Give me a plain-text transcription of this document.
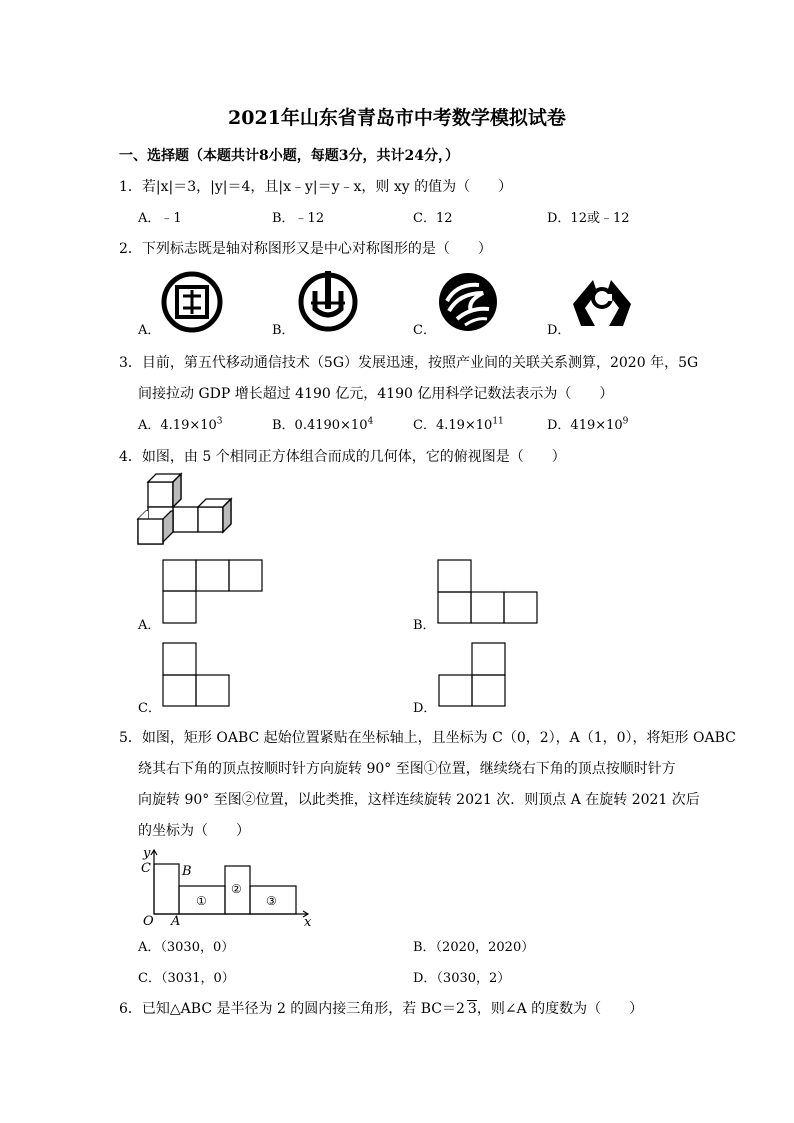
2021年山东省青岛市中考数学模拟试卷
一、选择题（本题共计8小题，每题3分，共计24分，）
1．若|x|＝3，|y|＝4，且|x﹣y|＝y﹣x，则 xy 的值为（　　）
A．﹣1	B．﹣12	C．12	D．12或﹣12
2．下列标志既是轴对称图形又是中心对称图形的是（　　）
A．	B．	C．	D．
3．目前，第五代移动通信技术（5G）发展迅速，按照产业间的关联关系测算，2020 年，5G
间接拉动 GDP 增长超过 4190 亿元，4190 亿用科学记数法表示为（　　）
A．$4.19\times 10^3$	B．$0.4190\times 10^4$	C．$4.19\times 10^{11}$	D．$419\times 10^9$
4．如图，由 5 个相同正方体组合而成的几何体，它的俯视图是（　　）
A．	B．
C．	D．
5．如图，矩形 OABC 起始位置紧贴在坐标轴上，且坐标为 C（0，2），A（1，0），将矩形 OABC
绕其右下角的顶点按顺时针方向旋转 90° 至图①位置，继续绕右下角的顶点按顺时针方
向旋转 90° 至图②位置，以此类推，这样连续旋转 2021 次．则顶点 A 在旋转 2021 次后
的坐标为（　　）
y
x
C B
O A
①
②
③
A．（3030，0）	B．（2020，2020）
C．（3031，0）	D．（3030，2）
6．已知△ABC 是半径为 2 的圆内接三角形，若 BC＝2 3，则∠A 的度数为（　　）
